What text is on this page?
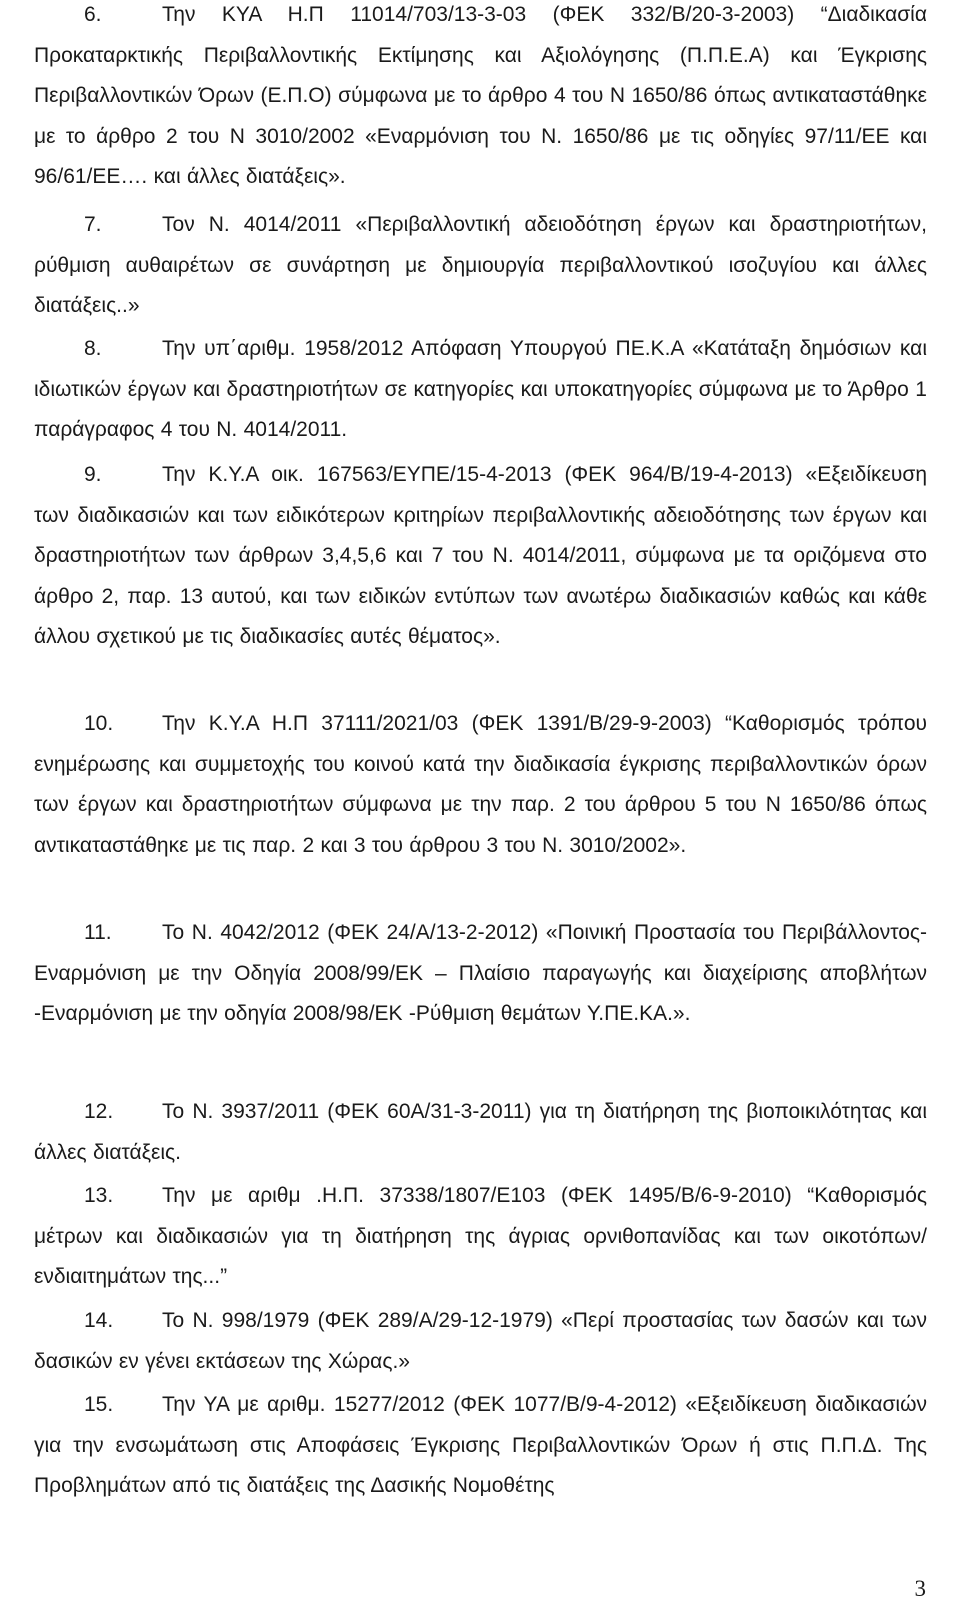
6.	Την ΚΥΑ Η.Π 11014/703/13-3-03 (ΦΕΚ 332/Β/20-3-2003) “Διαδικασία Προκαταρκτικής Περιβαλλοντικής Εκτίμησης και Αξιολόγησης (Π.Π.Ε.Α) και Έγκρισης Περιβαλλοντικών Όρων (Ε.Π.Ο) σύμφωνα με το άρθρο 4 του Ν 1650/86 όπως αντικαταστάθηκε με το άρθρο 2 του Ν 3010/2002 «Εναρμόνιση του Ν. 1650/86 με τις οδηγίες 97/11/ΕΕ και 96/61/ΕΕ…. και άλλες διατάξεις».

7.	Τον Ν. 4014/2011 «Περιβαλλοντική αδειοδότηση έργων και δραστηριοτήτων, ρύθμιση αυθαιρέτων σε συνάρτηση με δημιουργία περιβαλλοντικού ισοζυγίου και άλλες διατάξεις..»

8.	Την υπ΄αριθμ. 1958/2012 Απόφαση Υπουργού ΠΕ.Κ.Α «Κατάταξη δημόσιων και ιδιωτικών έργων και δραστηριοτήτων σε κατηγορίες και υποκατηγορίες σύμφωνα με το Άρθρο 1 παράγραφος 4 του Ν. 4014/2011.

9.	Την Κ.Υ.Α οικ. 167563/ΕΥΠΕ/15-4-2013 (ΦΕΚ 964/Β/19-4-2013) «Εξειδίκευση των διαδικασιών και των ειδικότερων κριτηρίων περιβαλλοντικής αδειοδότησης των έργων και δραστηριοτήτων των άρθρων 3,4,5,6 και 7 του Ν. 4014/2011, σύμφωνα με τα οριζόμενα στο άρθρο 2, παρ. 13 αυτού, και των ειδικών εντύπων των ανωτέρω διαδικασιών καθώς και κάθε άλλου σχετικού με τις διαδικασίες αυτές θέματος».

10. Την Κ.Υ.Α Η.Π 37111/2021/03 (ΦΕΚ 1391/Β/29-9-2003) “Καθορισμός τρόπου ενημέρωσης και συμμετοχής του κοινού κατά την διαδικασία έγκρισης περιβαλλοντικών όρων των έργων και δραστηριοτήτων σύμφωνα με την παρ. 2 του άρθρου 5 του Ν 1650/86 όπως αντικαταστάθηκε με τις παρ. 2 και 3 του άρθρου 3 του Ν. 3010/2002».

11. Το Ν. 4042/2012 (ΦΕΚ 24/Α/13-2-2012) «Ποινική Προστασία του Περιβάλλοντος-Εναρμόνιση με την Οδηγία 2008/99/ΕΚ – Πλαίσιο παραγωγής και διαχείρισης αποβλήτων -Εναρμόνιση με την οδηγία 2008/98/ΕΚ -Ρύθμιση θεμάτων Υ.ΠΕ.ΚΑ.».

12. Το Ν. 3937/2011 (ΦΕΚ 60Α/31-3-2011) για τη διατήρηση της βιοποικιλότητας και άλλες διατάξεις.

13. Την με αριθμ .Η.Π. 37338/1807/Ε103 (ΦΕΚ 1495/Β/6-9-2010) “Καθορισμός μέτρων και διαδικασιών για τη διατήρηση της άγριας ορνιθοπανίδας και των οικοτόπων/ ενδιαιτημάτων της...”

14. Το Ν. 998/1979 (ΦΕΚ 289/Α/29-12-1979) «Περί προστασίας των δασών και των δασικών εν γένει εκτάσεων της Χώρας.»

15. Την ΥΑ με αριθμ. 15277/2012 (ΦΕΚ 1077/Β/9-4-2012) «Εξειδίκευση διαδικασιών για την ενσωμάτωση στις Αποφάσεις Έγκρισης Περιβαλλοντικών Όρων ή στις Π.Π.Δ. Της Προβλημάτων από τις διατάξεις της Δασικής Νομοθέτης

3
